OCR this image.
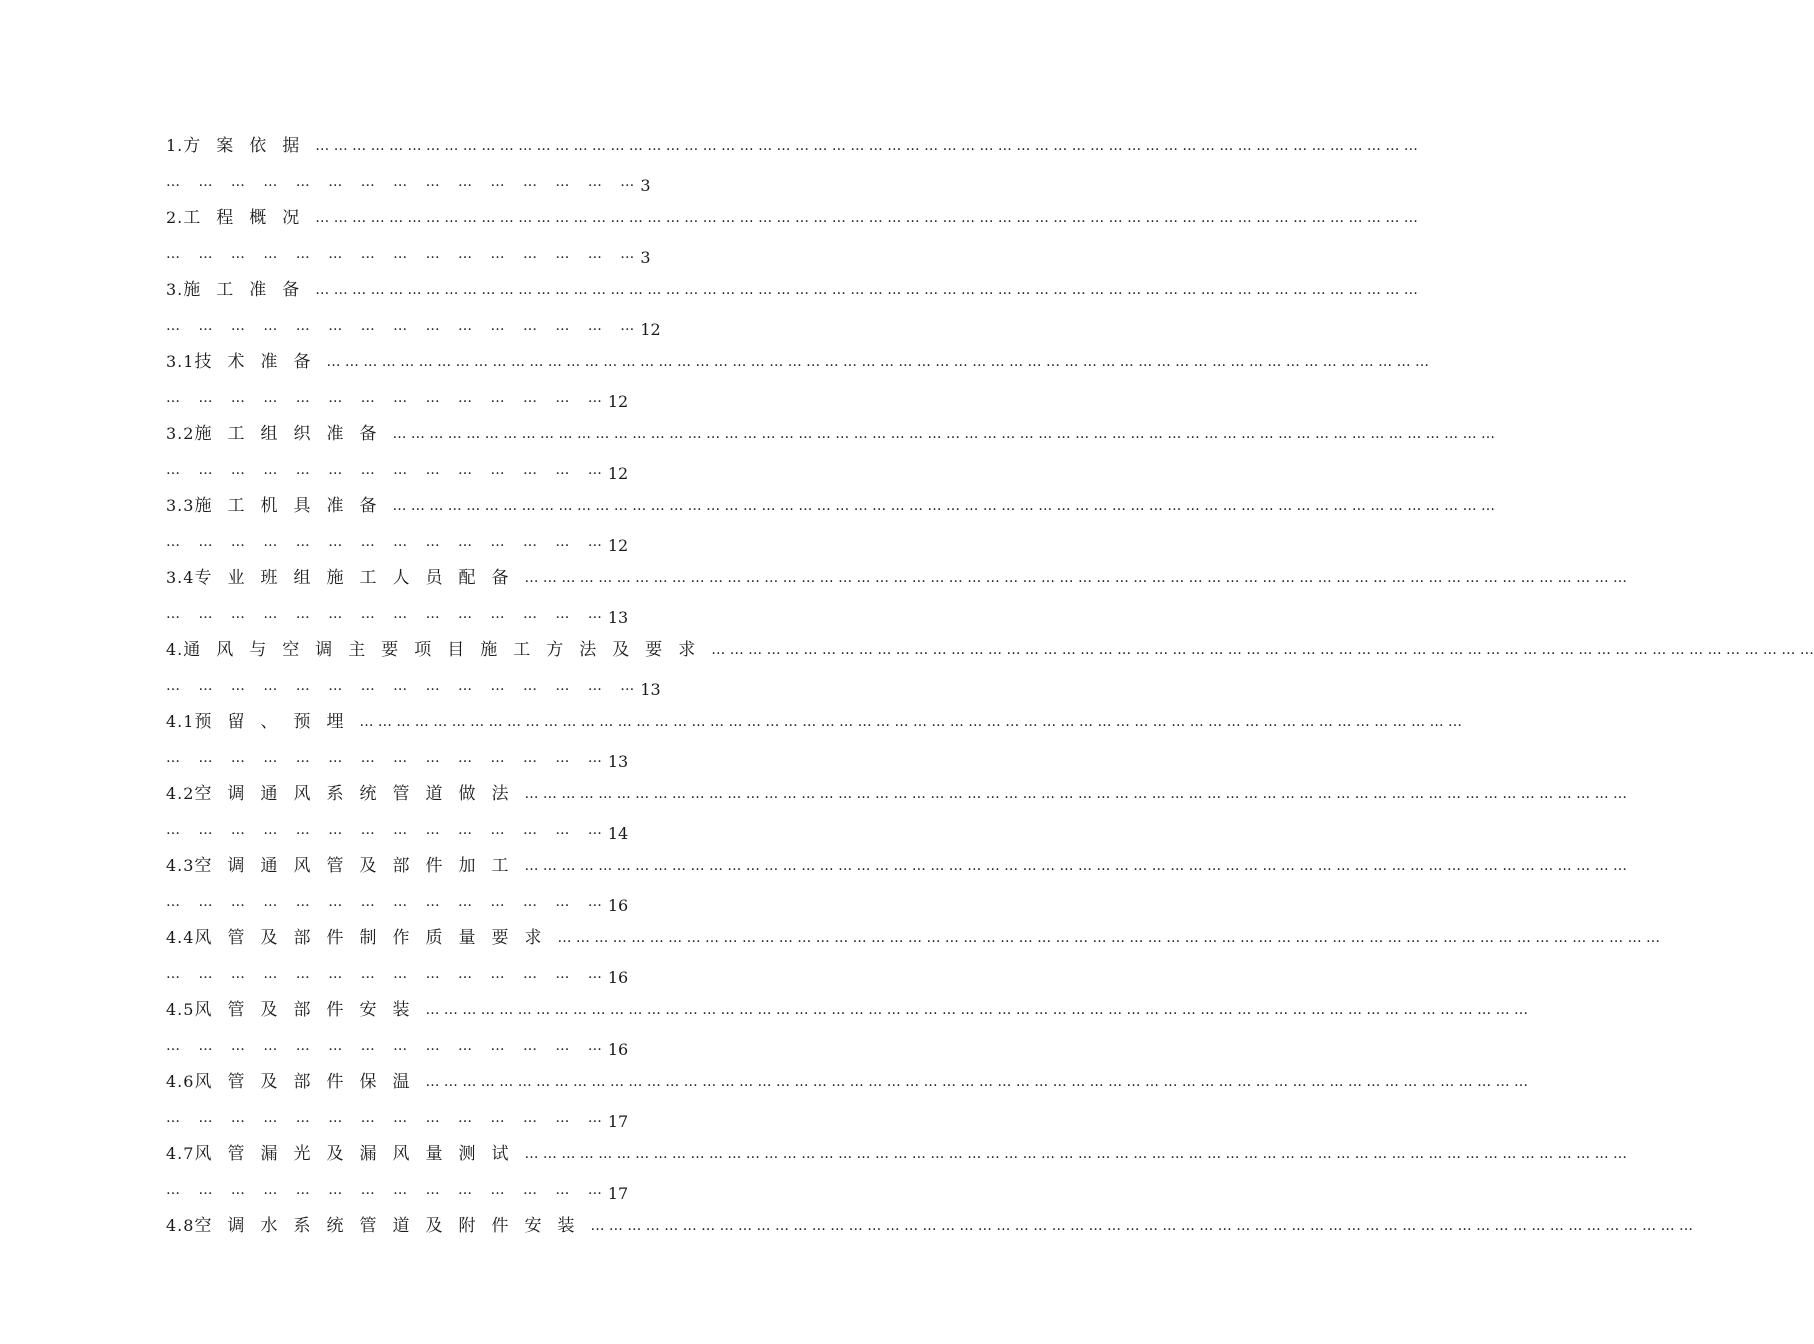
1. 方案依据 … … … … … … … … … … … … … … … … … … … … … … … … … … … … … … … … … … … … … … … … … … … … … … … … … … … … … … … … … … … …
… … … … … … … … … … … … … … … 3
2. 工程概况 … … … … … … … … … … … … … … … … … … … … … … … … … … … … … … … … … … … … … … … … … … … … … … … … … … … … … … … … … … … …
… … … … … … … … … … … … … … … 3
3. 施工准备 … … … … … … … … … … … … … … … … … … … … … … … … … … … … … … … … … … … … … … … … … … … … … … … … … … … … … … … … … … … …
… … … … … … … … … … … … … … … 12
3.1 技术准备 … … … … … … … … … … … … … … … … … … … … … … … … … … … … … … … … … … … … … … … … … … … … … … … … … … … … … … … … … … … …
… … … … … … … … … … … … … … 12
3.2 施工组织准备 … … … … … … … … … … … … … … … … … … … … … … … … … … … … … … … … … … … … … … … … … … … … … … … … … … … … … … … … … … … …
… … … … … … … … … … … … … … 12
3.3 施工机具准备 … … … … … … … … … … … … … … … … … … … … … … … … … … … … … … … … … … … … … … … … … … … … … … … … … … … … … … … … … … … …
… … … … … … … … … … … … … … 12
3.4 专业班组施工人员配备 … … … … … … … … … … … … … … … … … … … … … … … … … … … … … … … … … … … … … … … … … … … … … … … … … … … … … … … … … … … …
… … … … … … … … … … … … … … 13
4. 通风与空调主要项目施工方法及要求 … … … … … … … … … … … … … … … … … … … … … … … … … … … … … … … … … … … … … … … … … … … … … … … … … … … … … … … … … … … …
… … … … … … … … … … … … … … … 13
4.1 预留、预埋 … … … … … … … … … … … … … … … … … … … … … … … … … … … … … … … … … … … … … … … … … … … … … … … … … … … … … … … … … … … …
… … … … … … … … … … … … … … 13
4.2 空调通风系统管道做法 … … … … … … … … … … … … … … … … … … … … … … … … … … … … … … … … … … … … … … … … … … … … … … … … … … … … … … … … … … … …
… … … … … … … … … … … … … … 14
4.3 空调通风管及部件加工 … … … … … … … … … … … … … … … … … … … … … … … … … … … … … … … … … … … … … … … … … … … … … … … … … … … … … … … … … … … …
… … … … … … … … … … … … … … 16
4.4 风管及部件制作质量要求 … … … … … … … … … … … … … … … … … … … … … … … … … … … … … … … … … … … … … … … … … … … … … … … … … … … … … … … … … … … …
… … … … … … … … … … … … … … 16
4.5 风管及部件安装 … … … … … … … … … … … … … … … … … … … … … … … … … … … … … … … … … … … … … … … … … … … … … … … … … … … … … … … … … … … …
… … … … … … … … … … … … … … 16
4.6 风管及部件保温 … … … … … … … … … … … … … … … … … … … … … … … … … … … … … … … … … … … … … … … … … … … … … … … … … … … … … … … … … … … …
… … … … … … … … … … … … … … 17
4.7 风管漏光及漏风量测试 … … … … … … … … … … … … … … … … … … … … … … … … … … … … … … … … … … … … … … … … … … … … … … … … … … … … … … … … … … … …
… … … … … … … … … … … … … … 17
4.8 空调水系统管道及附件安装 … … … … … … … … … … … … … … … … … … … … … … … … … … … … … … … … … … … … … … … … … … … … … … … … … … … … … … … … … … … …
